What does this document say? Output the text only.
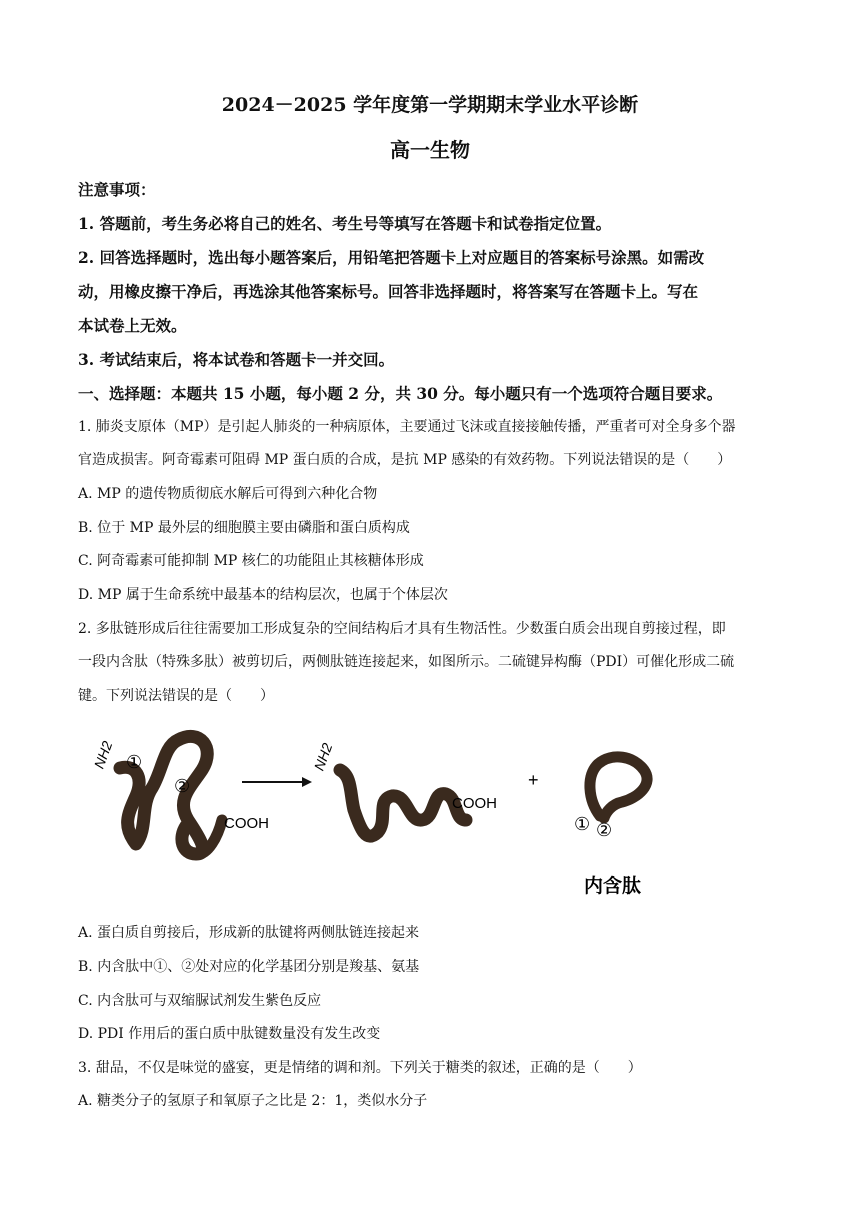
2024－2025 学年度第一学期期末学业水平诊断
高一生物
注意事项：
1. 答题前，考生务必将自己的姓名、考生号等填写在答题卡和试卷指定位置。
2. 回答选择题时，选出每小题答案后，用铅笔把答题卡上对应题目的答案标号涂黑。如需改
动，用橡皮擦干净后，再选涂其他答案标号。回答非选择题时，将答案写在答题卡上。写在
本试卷上无效。
3. 考试结束后，将本试卷和答题卡一并交回。
一、选择题：本题共 15 小题，每小题 2 分，共 30 分。每小题只有一个选项符合题目要求。
1. 肺炎支原体（MP）是引起人肺炎的一种病原体，主要通过飞沫或直接接触传播，严重者可对全身多个器
官造成损害。阿奇霉素可阻碍 MP 蛋白质的合成，是抗 MP 感染的有效药物。下列说法错误的是（　　）
A. MP 的遗传物质彻底水解后可得到六种化合物
B. 位于 MP 最外层的细胞膜主要由磷脂和蛋白质构成
C. 阿奇霉素可能抑制 MP 核仁的功能阻止其核糖体形成
D. MP 属于生命系统中最基本的结构层次，也属于个体层次
2. 多肽链形成后往往需要加工形成复杂的空间结构后才具有生物活性。少数蛋白质会出现自剪接过程，即
一段内含肽（特殊多肽）被剪切后，两侧肽链连接起来，如图所示。二硫键异构酶（PDI）可催化形成二硫
键。下列说法错误的是（　　）
NH2 ①
②
COOH
NH2
COOH
+
① ②
内含肽
A. 蛋白质自剪接后，形成新的肽键将两侧肽链连接起来
B. 内含肽中①、②处对应的化学基团分别是羧基、氨基
C. 内含肽可与双缩脲试剂发生紫色反应
D. PDI 作用后的蛋白质中肽键数量没有发生改变
3. 甜品，不仅是味觉的盛宴，更是情绪的调和剂。下列关于糖类的叙述，正确的是（　　）
A. 糖类分子的氢原子和氧原子之比是 2：1，类似水分子
